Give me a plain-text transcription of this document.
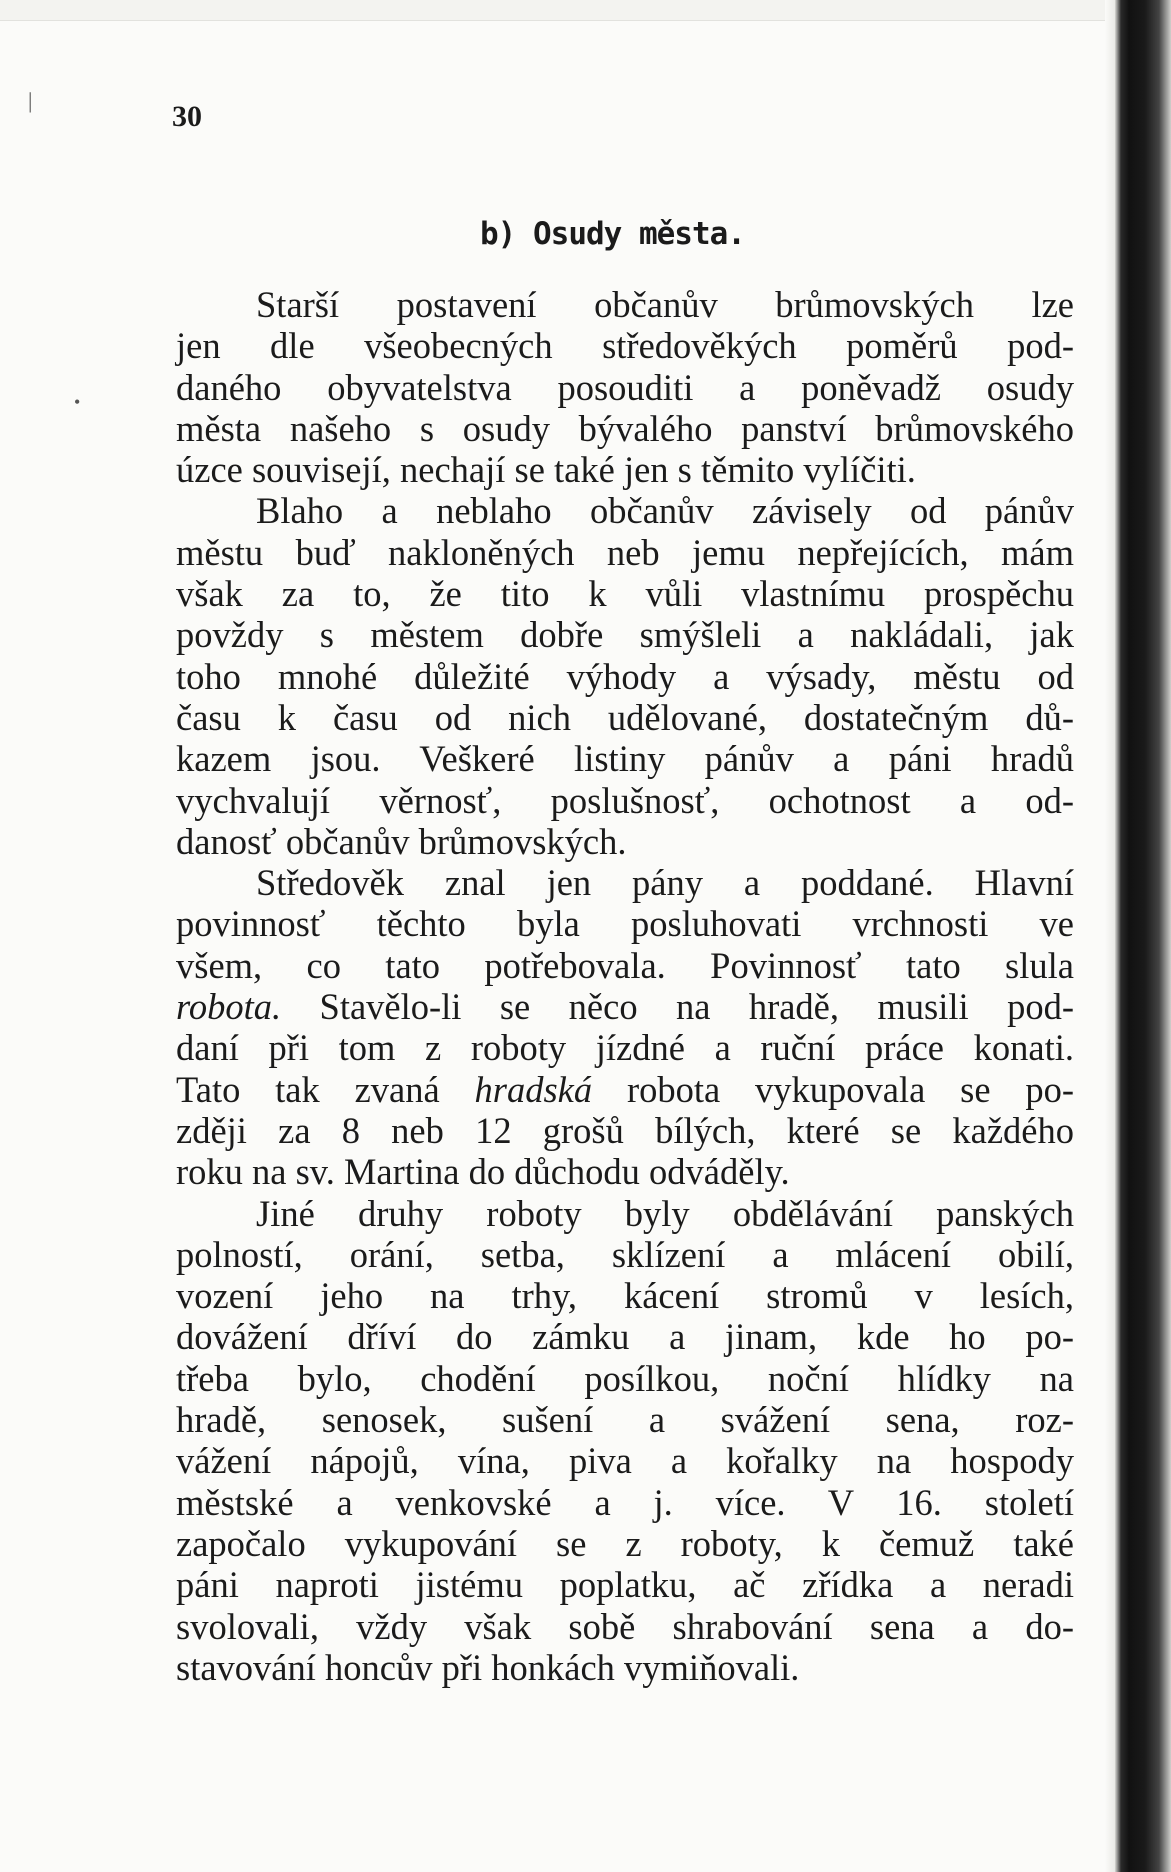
|
•
30
b) Osudy města.
Starší postavení občanův brůmovských lze
jen dle všeobecných středověkých poměrů pod-
daného obyvatelstva posouditi a poněvadž osudy
města našeho s osudy bývalého panství brůmovského
úzce souvisejí, nechají se také jen s těmito vylíčiti.
Blaho a neblaho občanův závisely od pánův
městu buď nakloněných neb jemu nepřejících, mám
však za to, že tito k vůli vlastnímu prospěchu
povždy s městem dobře smýšleli a nakládali, jak
toho mnohé důležité výhody a výsady, městu od
času k času od nich udělované, dostatečným dů-
kazem jsou. Veškeré listiny pánův a páni hradů
vychvalují věrnosť, poslušnosť, ochotnost a od-
danosť občanův brůmovských.
Středověk znal jen pány a poddané. Hlavní
povinnosť těchto byla posluhovati vrchnosti ve
všem, co tato potřebovala. Povinnosť tato slula
robota. Stavělo-li se něco na hradě, musili pod-
daní při tom z roboty jízdné a ruční práce konati.
Tato tak zvaná hradská robota vykupovala se po-
zději za 8 neb 12 grošů bílých, které se každého
roku na sv. Martina do důchodu odváděly.
Jiné druhy roboty byly obdělávání panských
polností, orání, setba, sklízení a mlácení obilí,
vození jeho na trhy, kácení stromů v lesích,
dovážení dříví do zámku a jinam, kde ho po-
třeba bylo, chodění posílkou, noční hlídky na
hradě, senosek, sušení a svážení sena, roz-
vážení nápojů, vína, piva a kořalky na hospody
městské a venkovské a j. více. V 16. století
započalo vykupování se z roboty, k čemuž také
páni naproti jistému poplatku, ač zřídka a neradi
svolovali, vždy však sobě shrabování sena a do-
stavování honcův při honkách vymiňovali.
